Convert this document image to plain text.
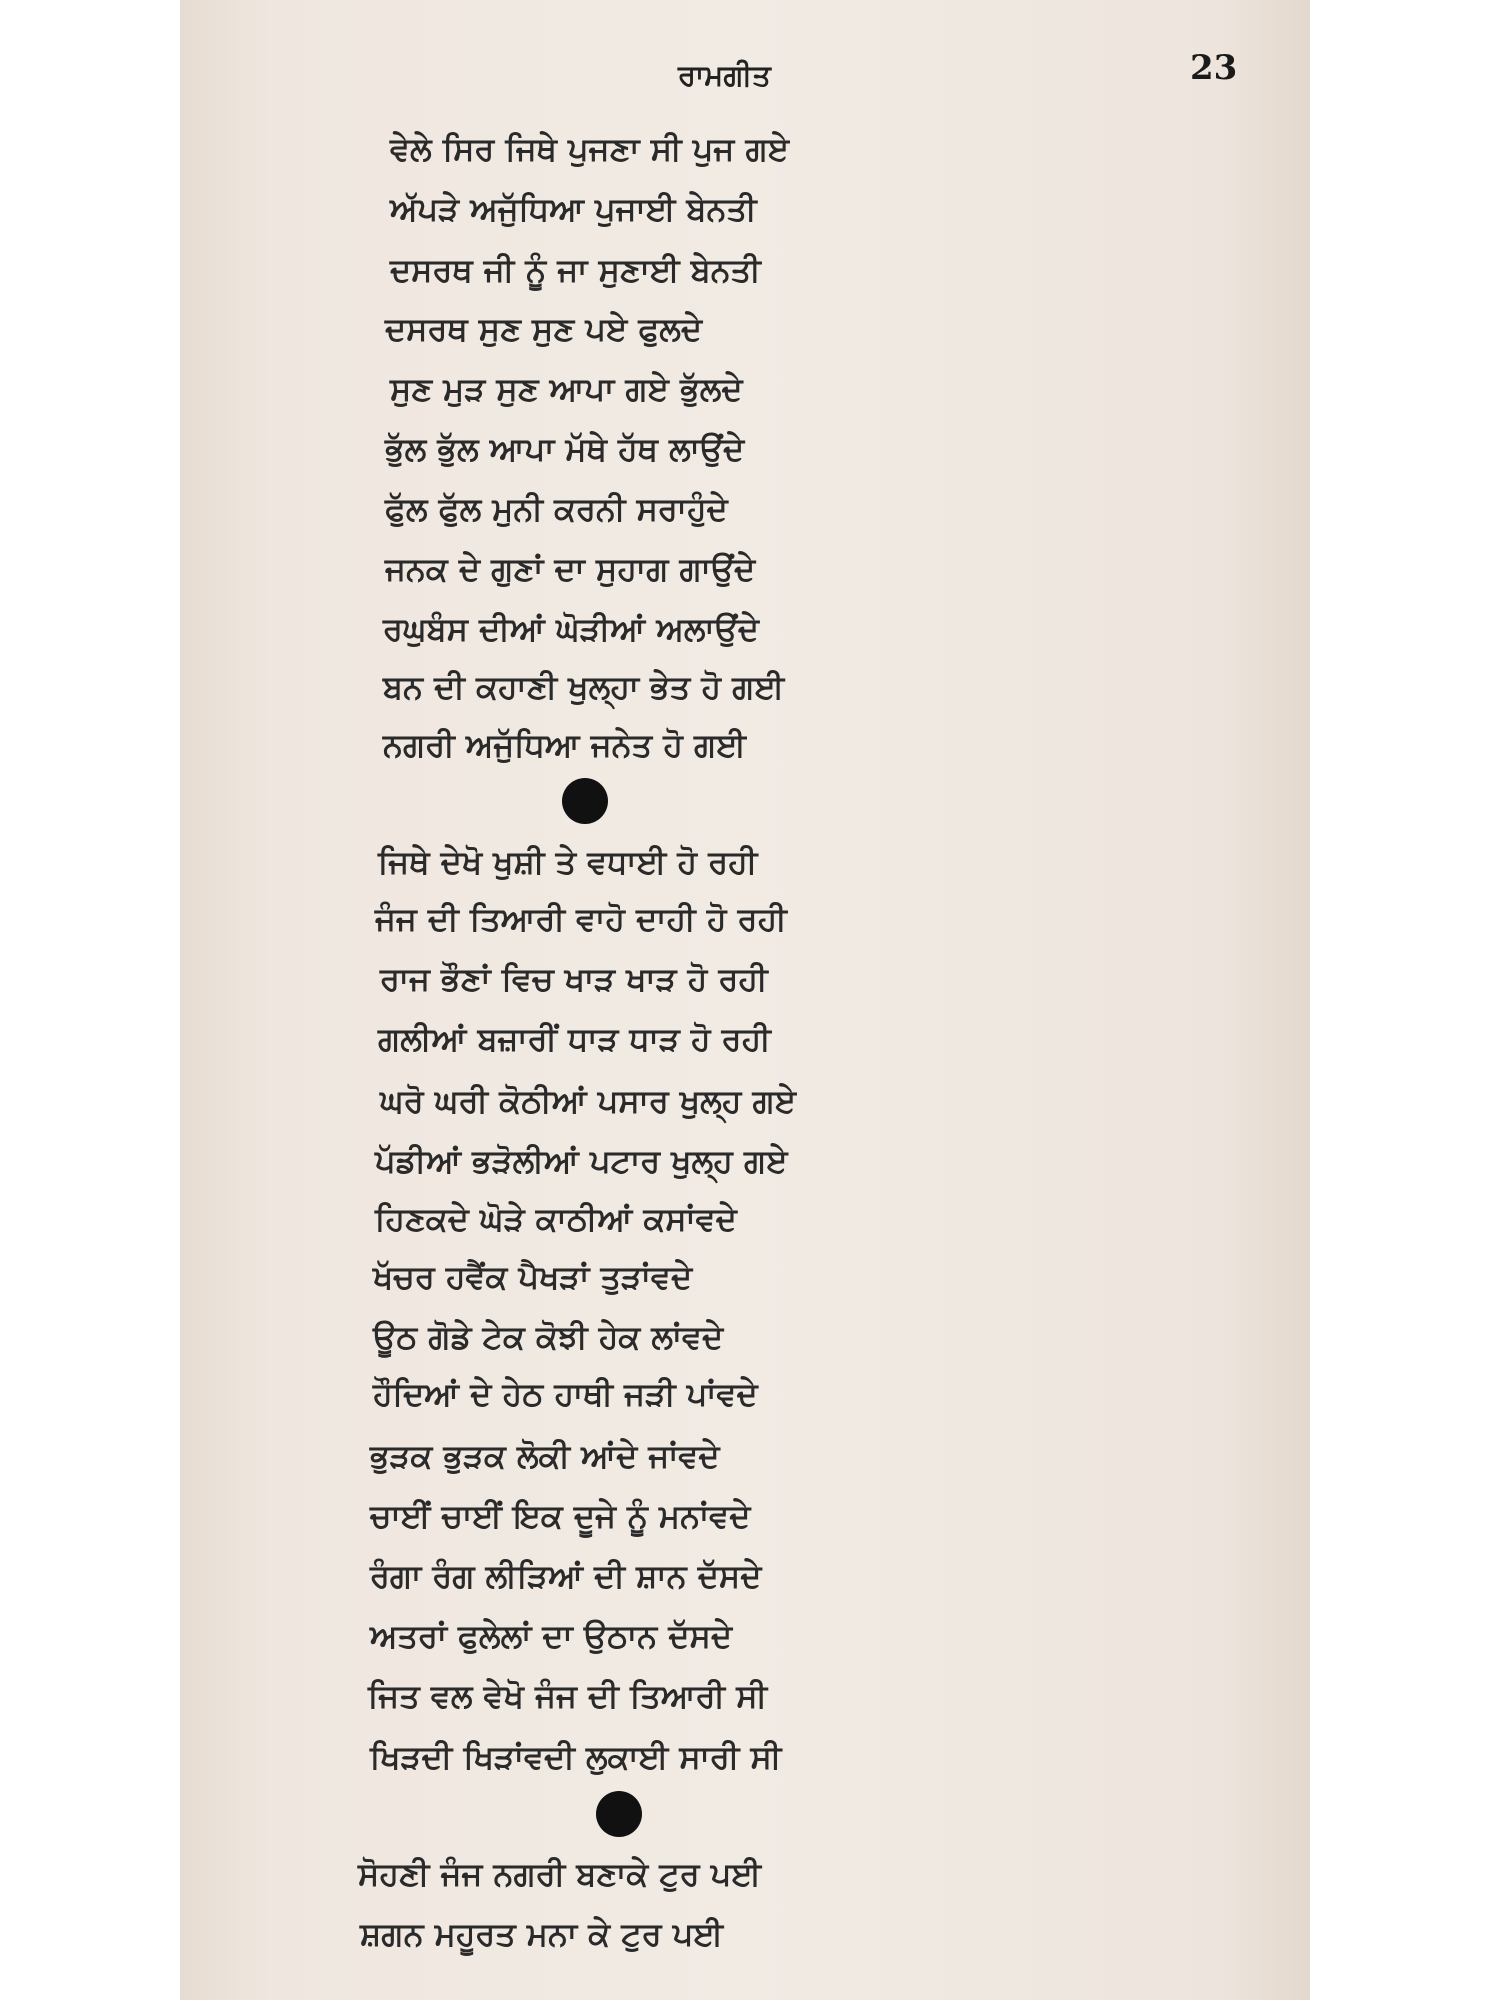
ਰਾਮਗੀਤ	23
ਵੇਲੇ ਸਿਰ ਜਿਥੇ ਪੁਜਣਾ ਸੀ ਪੁਜ ਗਏ
ਅੱਪੜੇ ਅਜੁੱਧਿਆ ਪੁਜਾਈ ਬੇਨਤੀ
ਦਸਰਥ ਜੀ ਨੂੰ ਜਾ ਸੁਣਾਈ ਬੇਨਤੀ
ਦਸਰਥ ਸੁਣ ਸੁਣ ਪਏ ਫੁਲਦੇ
ਸੁਣ ਮੁੜ ਸੁਣ ਆਪਾ ਗਏ ਭੁੱਲਦੇ
ਭੁੱਲ ਭੁੱਲ ਆਪਾ ਮੱਥੇ ਹੱਥ ਲਾਉਂਦੇ
ਫੁੱਲ ਫੁੱਲ ਮੁਨੀ ਕਰਨੀ ਸਰਾਹੁੰਦੇ
ਜਨਕ ਦੇ ਗੁਣਾਂ ਦਾ ਸੁਹਾਗ ਗਾਉਂਦੇ
ਰਘੁਬੰਸ ਦੀਆਂ ਘੋੜੀਆਂ ਅਲਾਉਂਦੇ
ਬਨ ਦੀ ਕਹਾਣੀ ਖੁਲ੍ਹਾ ਭੇਤ ਹੋ ਗਈ
ਨਗਰੀ ਅਜੁੱਧਿਆ ਜਨੇਤ ਹੋ ਗਈ
ਜਿਥੇ ਦੇਖੋ ਖੁਸ਼ੀ ਤੇ ਵਧਾਈ ਹੋ ਰਹੀ
ਜੰਜ ਦੀ ਤਿਆਰੀ ਵਾਹੋ ਦਾਹੀ ਹੋ ਰਹੀ
ਰਾਜ ਭੌਣਾਂ ਵਿਚ ਖਾੜ ਖਾੜ ਹੋ ਰਹੀ
ਗਲੀਆਂ ਬਜ਼ਾਰੀਂ ਧਾੜ ਧਾੜ ਹੋ ਰਹੀ
ਘਰੋ ਘਰੀ ਕੋਠੀਆਂ ਪਸਾਰ ਖੁਲ੍ਹ ਗਏ
ਪੱਡੀਆਂ ਭੜੋਲੀਆਂ ਪਟਾਰ ਖੁਲ੍ਹ ਗਏ
ਹਿਣਕਦੇ ਘੋੜੇ ਕਾਠੀਆਂ ਕਸਾਂਵਦੇ
ਖੱਚਰ ਹਵੈਂਕ ਪੈਖੜਾਂ ਤੁੜਾਂਵਦੇ
ਊਠ ਗੋਡੇ ਟੇਕ ਕੋਝੀ ਹੇਕ ਲਾਂਵਦੇ
ਹੌਦਿਆਂ ਦੇ ਹੇਠ ਹਾਥੀ ਜੜੀ ਪਾਂਵਦੇ
ਭੁੜਕ ਭੁੜਕ ਲੋਕੀ ਆਂਦੇ ਜਾਂਵਦੇ
ਚਾਈਂ ਚਾਈਂ ਇਕ ਦੂਜੇ ਨੂੰ ਮਨਾਂਵਦੇ
ਰੰਗਾ ਰੰਗ ਲੀੜਿਆਂ ਦੀ ਸ਼ਾਨ ਦੱਸਦੇ
ਅਤਰਾਂ ਫੁਲੇਲਾਂ ਦਾ ਉਠਾਨ ਦੱਸਦੇ
ਜਿਤ ਵਲ ਵੇਖੋ ਜੰਜ ਦੀ ਤਿਆਰੀ ਸੀ
ਖਿੜਦੀ ਖਿੜਾਂਵਦੀ ਲੁਕਾਈ ਸਾਰੀ ਸੀ
ਸੋਹਣੀ ਜੰਜ ਨਗਰੀ ਬਣਾਕੇ ਟੁਰ ਪਈ
ਸ਼ਗਨ ਮਹੂਰਤ ਮਨਾ ਕੇ ਟੁਰ ਪਈ
